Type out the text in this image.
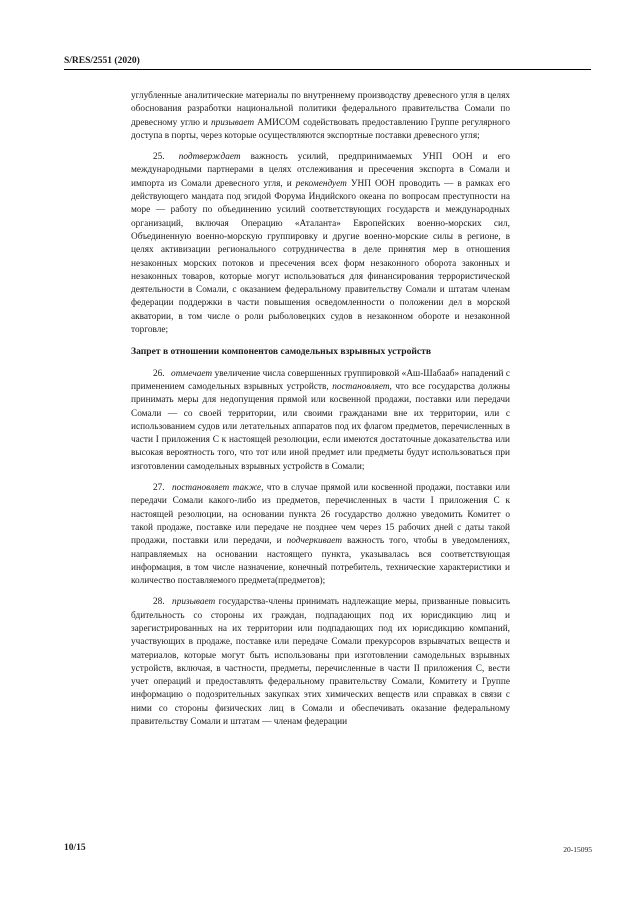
S/RES/2551 (2020)

углубленные аналитические материалы по внутреннему производству древесного угля в целях обоснования разработки национальной политики федерального правительства Сомали по древесному углю и призывает АМИСОМ содействовать предоставлению Группе регулярного доступа в порты, через которые осуществляются экспортные поставки древесного угля;

25. подтверждает важность усилий, предпринимаемых УНП ООН и его международными партнерами в целях отслеживания и пресечения экспорта в Сомали и импорта из Сомали древесного угля, и рекомендует УНП ООН проводить — в рамках его действующего мандата под эгидой Форума Индийского океана по вопросам преступности на море — работу по объединению усилий соответствующих государств и международных организаций, включая Операцию «Аталанта» Европейских военно-морских сил, Объединенную военно-морскую группировку и другие военно-морские силы в регионе, в целях активизации регионального сотрудничества в деле принятия мер в отношения незаконных морских потоков и пресечения всех форм незаконного оборота законных и незаконных товаров, которые могут использоваться для финансирования террористической деятельности в Сомали, с оказанием федеральному правительству Сомали и штатам членам федерации поддержки в части повышения осведомленности о положении дел в морской акватории, в том числе о роли рыболовецких судов в незаконном обороте и незаконной торговле;

Запрет в отношении компонентов самодельных взрывных устройств

26. отмечает увеличение числа совершенных группировкой «Аш-Шабааб» нападений с применением самодельных взрывных устройств, постановляет, что все государства должны принимать меры для недопущения прямой или косвенной продажи, поставки или передачи Сомали — со своей территории, или своими гражданами вне их территории, или с использованием судов или летательных аппаратов под их флагом предметов, перечисленных в части I приложения C к настоящей резолюции, если имеются достаточные доказательства или высокая вероятность того, что тот или иной предмет или предметы будут использоваться при изготовлении самодельных взрывных устройств в Сомали;

27. постановляет также, что в случае прямой или косвенной продажи, поставки или передачи Сомали какого-либо из предметов, перечисленных в части I приложения C к настоящей резолюции, на основании пункта 26 государство должно уведомить Комитет о такой продаже, поставке или передаче не позднее чем через 15 рабочих дней с даты такой продажи, поставки или передачи, и подчеркивает важность того, чтобы в уведомлениях, направляемых на основании настоящего пункта, указывалась вся соответствующая информация, в том числе назначение, конечный потребитель, технические характеристики и количество поставляемого предмета(предметов);

28. призывает государства-члены принимать надлежащие меры, призванные повысить бдительность со стороны их граждан, подпадающих под их юрисдикцию лиц и зарегистрированных на их территории или подпадающих под их юрисдикцию компаний, участвующих в продаже, поставке или передаче Сомали прекурсоров взрывчатых веществ и материалов, которые могут быть использованы при изготовлении самодельных взрывных устройств, включая, в частности, предметы, перечисленные в части II приложения C, вести учет операций и предоставлять федеральному правительству Сомали, Комитету и Группе информацию о подозрительных закупках этих химических веществ или справках в связи с ними со стороны физических лиц в Сомали и обеспечивать оказание федеральному правительству Сомали и штатам — членам федерации

10/15	20-15095
